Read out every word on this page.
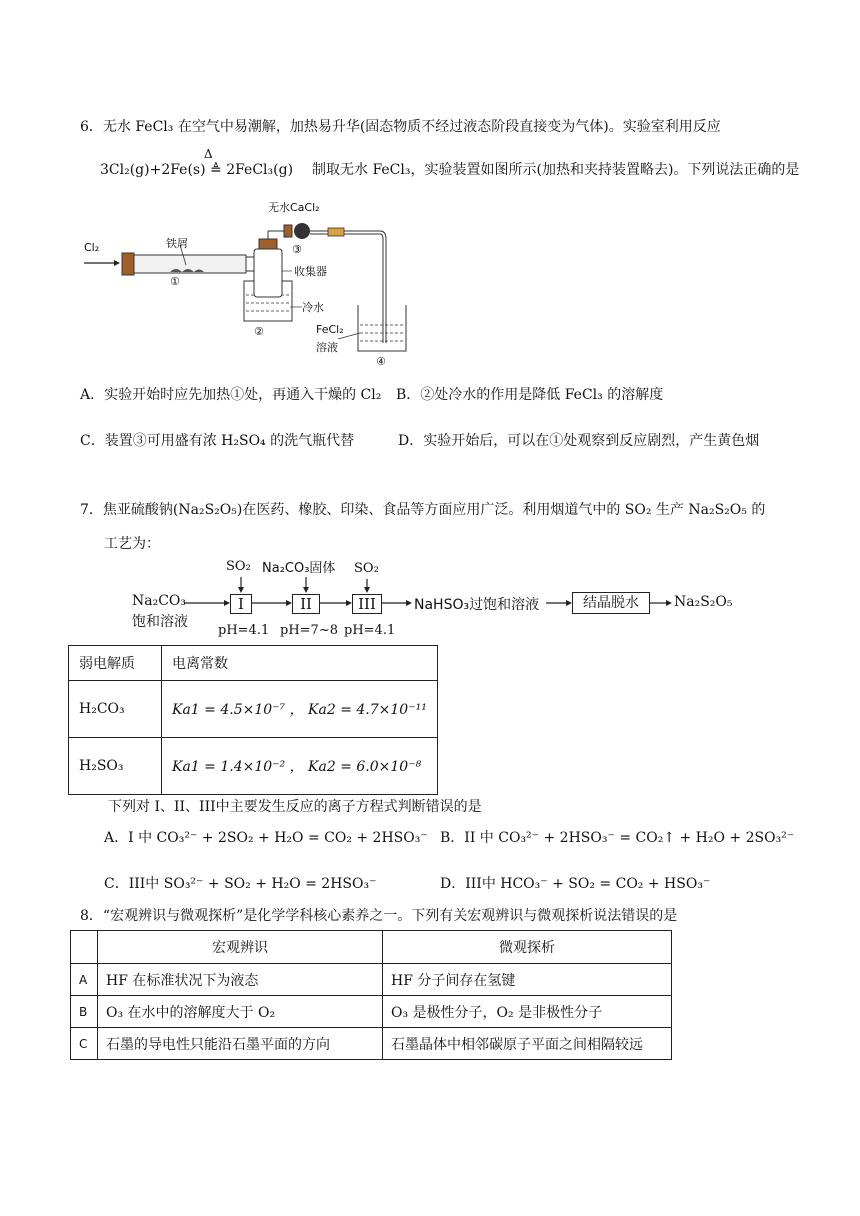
6．无水 FeCl₃ 在空气中易潮解，加热易升华(固态物质不经过液态阶段直接变为气体)。实验室利用反应
3Cl₂(g)+2Fe(s) ≜ 2FeCl₃(g)
Δ
制取无水 FeCl₃，实验装置如图所示(加热和夹持装置略去)。下列说法正确的是
Cl₂	铁屑
①
收集器
冷水
②
无水CaCl₂
③
FeCl₂
溶液
④
A．实验开始时应先加热①处，再通入干燥的 Cl₂ B．②处冷水的作用是降低 FeCl₃ 的溶解度
C．装置③可用盛有浓 H₂SO₄ 的洗气瓶代替	D．实验开始后，可以在①处观察到反应剧烈，产生黄色烟
7．焦亚硫酸钠(Na₂S₂O₅)在医药、橡胶、印染、食品等方面应用广泛。利用烟道气中的 SO₂ 生产 Na₂S₂O₅ 的
工艺为：
Na₂CO₃
饱和溶液
I	II	III
SO₂ Na₂CO₃固体 SO₂
pH=4.1 pH=7~8 pH=4.1
NaHSO₃过饱和溶液	结晶脱水	Na₂S₂O₅
弱电解质	电离常数
H₂CO₃	Ka1 = 4.5×10⁻⁷ ， Ka2 = 4.7×10⁻¹¹
H₂SO₃	Ka1 = 1.4×10⁻² ， Ka2 = 6.0×10⁻⁸
下列对 I、II、III中主要发生反应的离子方程式判断错误的是
A．I 中 CO₃²⁻ + 2SO₂ + H₂O = CO₂ + 2HSO₃⁻ B．II 中 CO₃²⁻ + 2HSO₃⁻ = CO₂↑ + H₂O + 2SO₃²⁻
C．III中 SO₃²⁻ + SO₂ + H₂O = 2HSO₃⁻	D．III中 HCO₃⁻ + SO₂ = CO₂ + HSO₃⁻
8．“宏观辨识与微观探析”是化学学科核心素养之一。下列有关宏观辨识与微观探析说法错误的是
	宏观辨识	微观探析
A	HF 在标准状况下为液态	HF 分子间存在氢键
B	O₃ 在水中的溶解度大于 O₂	O₃ 是极性分子，O₂ 是非极性分子
C	石墨的导电性只能沿石墨平面的方向	石墨晶体中相邻碳原子平面之间相隔较远
